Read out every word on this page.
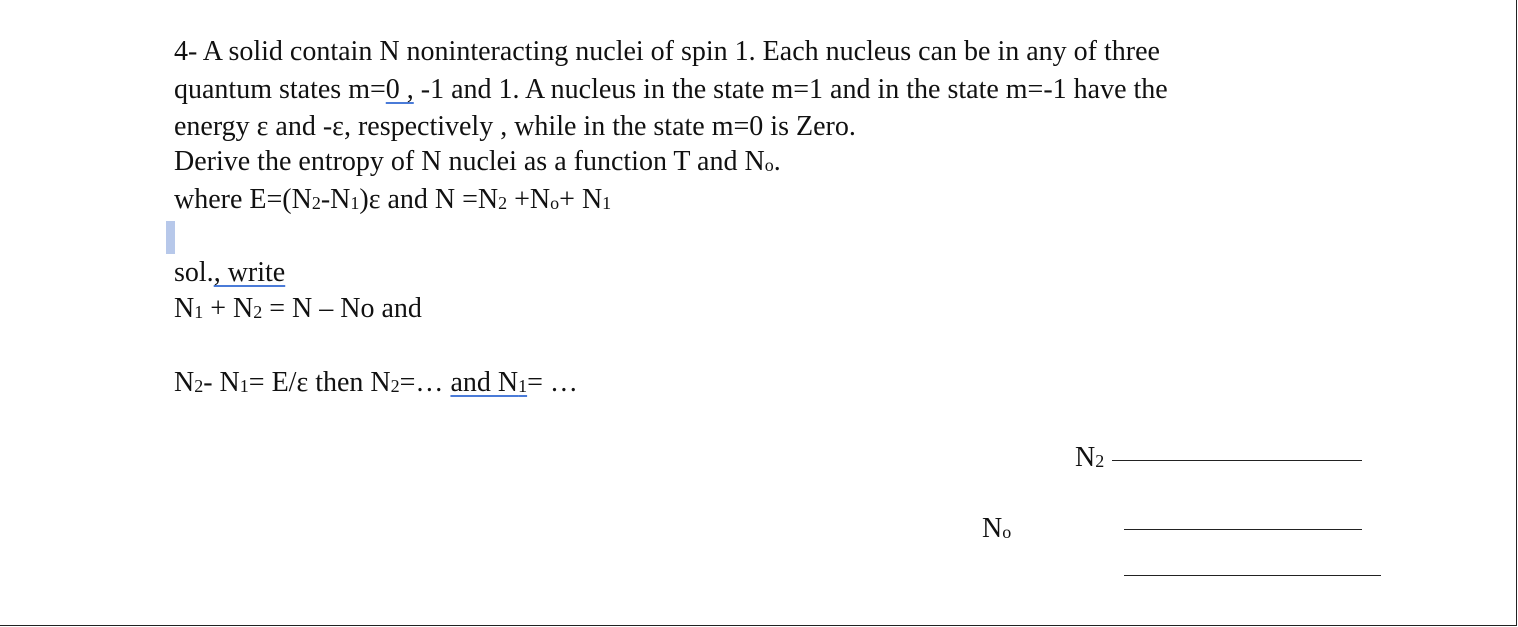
4- A solid contain N noninteracting nuclei of spin 1. Each nucleus can be in any of three

quantum states m=0 , -1 and 1. A nucleus in the state m=1 and in the state m=-1 have the

energy ε and -ε, respectively , while in the state m=0 is Zero.

Derive the entropy of N nuclei as a function T and $N_o$.

where $E=(N_2-N_1)\varepsilon$ and $N =N_2 +N_o+ N_1$

sol., write

$N_1 + N_2 = N - No$ and

$N_2-$ $N_1= E/\varepsilon$ then $N_2=\dots$ and $N_1=$ …

$N_2$
$N_o$
